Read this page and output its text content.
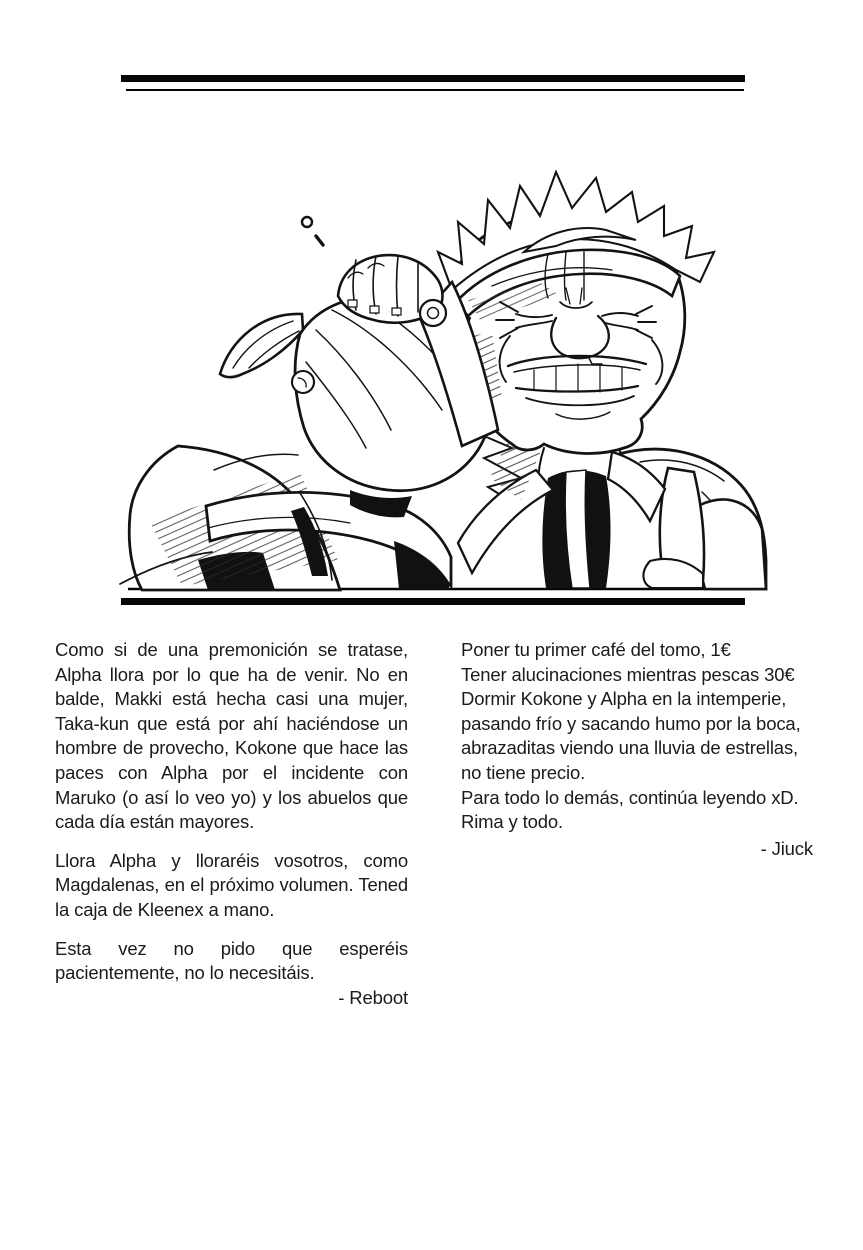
Como si de una premonición se tratase, Alpha llora por lo que ha de venir. No en balde, Makki está hecha casi una mujer, Taka-kun que está por ahí haciéndose un hombre de provecho, Kokone que hace las paces con Alpha por el incidente con Maruko (o así lo veo yo) y los abuelos que cada día están mayores.

Llora Alpha y lloraréis vosotros, como Magdalenas, en el próximo volumen. Tened la caja de Kleenex a mano.

Esta vez no pido que esperéis pacientemente, no lo necesitáis.

- Reboot

Poner tu primer café del tomo, 1€

Tener alucinaciones mientras pescas 30€

Dormir Kokone y Alpha en la intemperie, pasando frío y sacando humo por la boca, abrazaditas viendo una lluvia de estrellas, no tiene precio.

Para todo lo demás, continúa leyendo xD. Rima y todo.

- Jiuck
